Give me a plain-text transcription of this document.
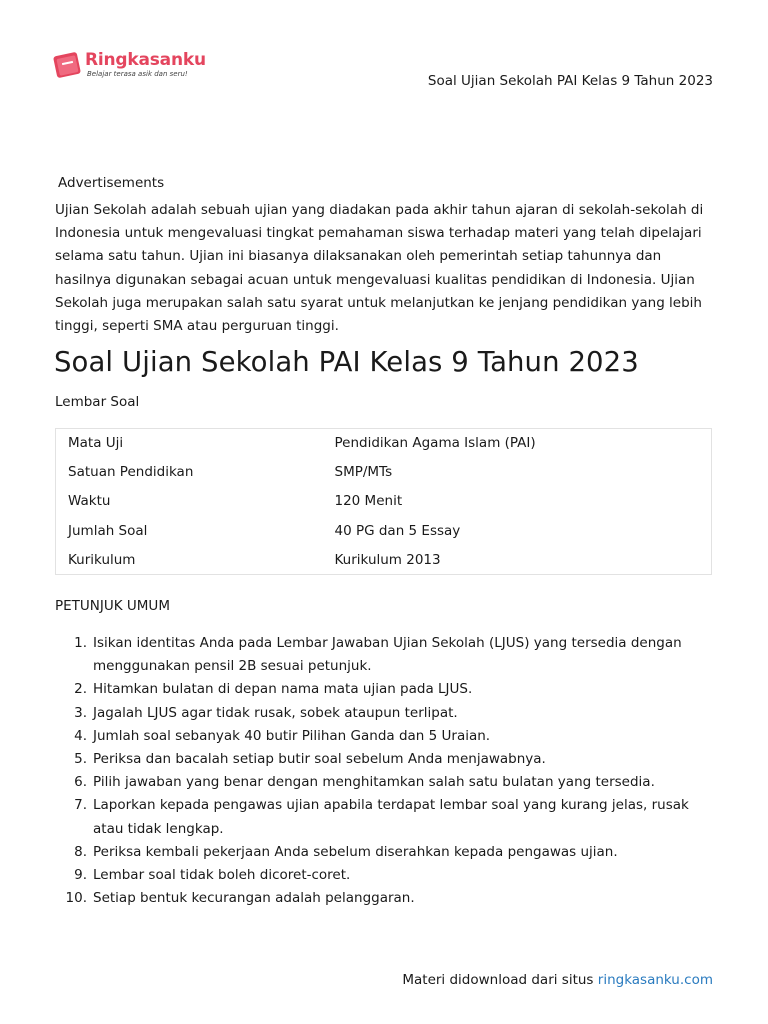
Ringkasanku
Belajar terasa asik dan seru!	Soal Ujian Sekolah PAI Kelas 9 Tahun 2023
Advertisements

Ujian Sekolah adalah sebuah ujian yang diadakan pada akhir tahun ajaran di sekolah-sekolah di Indonesia untuk mengevaluasi tingkat pemahaman siswa terhadap materi yang telah dipelajari selama satu tahun. Ujian ini biasanya dilaksanakan oleh pemerintah setiap tahunnya dan hasilnya digunakan sebagai acuan untuk mengevaluasi kualitas pendidikan di Indonesia. Ujian Sekolah juga merupakan salah satu syarat untuk melanjutkan ke jenjang pendidikan yang lebih tinggi, seperti SMA atau perguruan tinggi.

Soal Ujian Sekolah PAI Kelas 9 Tahun 2023
Lembar Soal
Mata Uji	Pendidikan Agama Islam (PAI)
Satuan Pendidikan	SMP/MTs
Waktu	120 Menit
Jumlah Soal	40 PG dan 5 Essay
Kurikulum	Kurikulum 2013
PETUNJUK UMUM
1. Isikan identitas Anda pada Lembar Jawaban Ujian Sekolah (LJUS) yang tersedia dengan menggunakan pensil 2B sesuai petunjuk.
2. Hitamkan bulatan di depan nama mata ujian pada LJUS.
3. Jagalah LJUS agar tidak rusak, sobek ataupun terlipat.
4. Jumlah soal sebanyak 40 butir Pilihan Ganda dan 5 Uraian.
5. Periksa dan bacalah setiap butir soal sebelum Anda menjawabnya.
6. Pilih jawaban yang benar dengan menghitamkan salah satu bulatan yang tersedia.
7. Laporkan kepada pengawas ujian apabila terdapat lembar soal yang kurang jelas, rusak atau tidak lengkap.
8. Periksa kembali pekerjaan Anda sebelum diserahkan kepada pengawas ujian.
9. Lembar soal tidak boleh dicoret-coret.
10. Setiap bentuk kecurangan adalah pelanggaran.
Materi didownload dari situs ringkasanku.com
